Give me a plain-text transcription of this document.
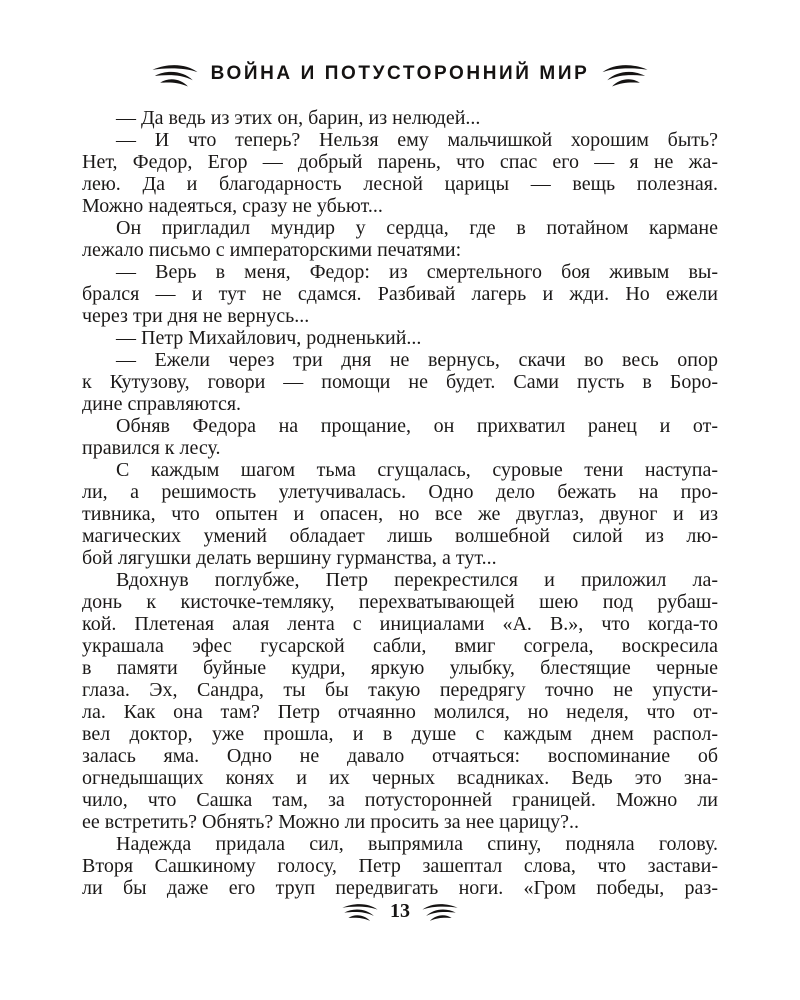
ВОЙНА И ПОТУСТОРОННИЙ МИР
— Да ведь из этих он, барин, из нелюдей...
— И что теперь? Нельзя ему мальчишкой хорошим быть?
Нет, Федор, Егор — добрый парень, что спас его — я не жа-
лею. Да и благодарность лесной царицы — вещь полезная.
Можно надеяться, сразу не убьют...
Он пригладил мундир у сердца, где в потайном кармане
лежало письмо с императорскими печатями:
— Верь в меня, Федор: из смертельного боя живым вы-
брался — и тут не сдамся. Разбивай лагерь и жди. Но ежели
через три дня не вернусь...
— Петр Михайлович, родненький...
— Ежели через три дня не вернусь, скачи во весь опор
к Кутузову, говори — помощи не будет. Сами пусть в Боро-
дине справляются.
Обняв Федора на прощание, он прихватил ранец и от-
правился к лесу.
С каждым шагом тьма сгущалась, суровые тени наступа-
ли, а решимость улетучивалась. Одно дело бежать на про-
тивника, что опытен и опасен, но все же двуглаз, двуног и из
магических умений обладает лишь волшебной силой из лю-
бой лягушки делать вершину гурманства, а тут...
Вдохнув поглубже, Петр перекрестился и приложил ла-
донь к кисточке-темляку, перехватывающей шею под рубаш-
кой. Плетеная алая лента с инициалами «А. В.», что когда-то
украшала эфес гусарской сабли, вмиг согрела, воскресила
в памяти буйные кудри, яркую улыбку, блестящие черные
глаза. Эх, Сандра, ты бы такую передрягу точно не упусти-
ла. Как она там? Петр отчаянно молился, но неделя, что от-
вел доктор, уже прошла, и в душе с каждым днем распол-
залась яма. Одно не давало отчаяться: воспоминание об
огнедышащих конях и их черных всадниках. Ведь это зна-
чило, что Сашка там, за потусторонней границей. Можно ли
ее встретить? Обнять? Можно ли просить за нее царицу?..
Надежда придала сил, выпрямила спину, подняла голову.
Вторя Сашкиному голосу, Петр зашептал слова, что застави-
ли бы даже его труп передвигать ноги. «Гром победы, раз-
13
